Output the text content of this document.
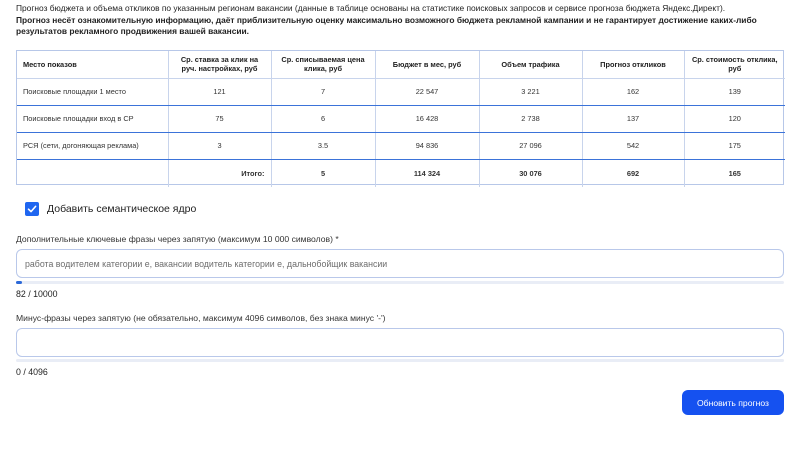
Прогноз бюджета и объема откликов по указанным регионам вакансии (данные в таблице основаны на статистике поисковых запросов и сервисе прогноза бюджета Яндекс.Директ).
Прогноз несёт ознакомительную информацию, даёт приблизительную оценку максимально возможного бюджета рекламной кампании и не гарантирует достижение каких-либо результатов рекламного продвижения вашей вакансии.
Место показов	Ср. ставка за клик на руч. настройках, руб	Ср. списываемая цена клика, руб	Бюджет в мес, руб	Объем трафика	Прогноз откликов	Ср. стоимость отклика, руб
Поисковые площадки 1 место	121	7	22 547	3 221	162	139
Поисковые площадки вход в СР	75	6	16 428	2 738	137	120
РСЯ (сети, догоняющая реклама)	3	3.5	94 836	27 096	542	175
	Итого:	5	114 324	30 076	692	165
Добавить семантическое ядро
Дополнительные ключевые фразы через запятую (максимум 10 000 символов) *
работа водителем категории е, вакансии водитель категории е, дальнобойщик вакансии
82 / 10000
Минус-фразы через запятую (не обязательно, максимум 4096 символов, без знака минус '-')
0 / 4096
Обновить прогноз
